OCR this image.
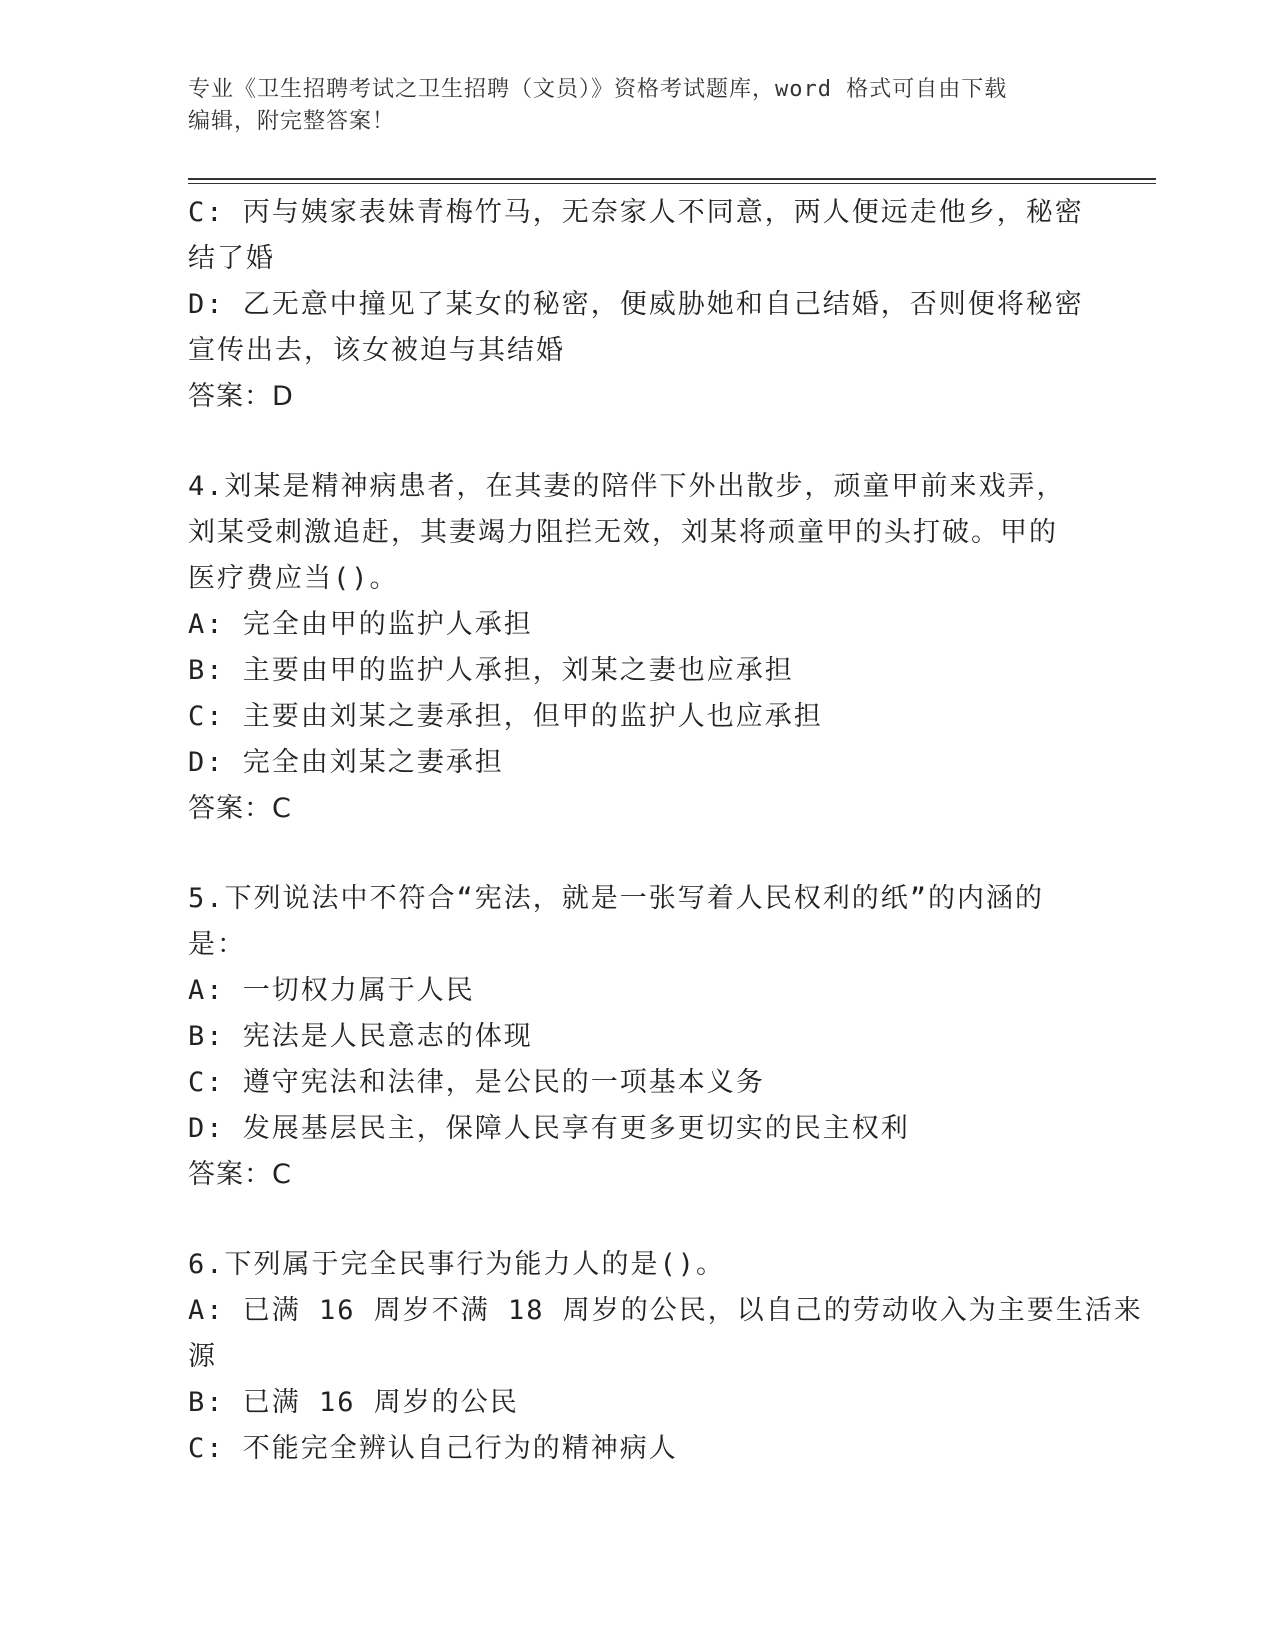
专业《卫生招聘考试之卫生招聘（文员）》资格考试题库，word 格式可自由下载
编辑，附完整答案！
C: 丙与姨家表妹青梅竹马，无奈家人不同意，两人便远走他乡，秘密
结了婚
D: 乙无意中撞见了某女的秘密，便威胁她和自己结婚，否则便将秘密
宣传出去，该女被迫与其结婚
答案：D
4.刘某是精神病患者，在其妻的陪伴下外出散步，顽童甲前来戏弄，
刘某受刺激追赶，其妻竭力阻拦无效，刘某将顽童甲的头打破。甲的
医疗费应当()。
A: 完全由甲的监护人承担
B: 主要由甲的监护人承担，刘某之妻也应承担
C: 主要由刘某之妻承担，但甲的监护人也应承担
D: 完全由刘某之妻承担
答案：C
5.下列说法中不符合“宪法，就是一张写着人民权利的纸”的内涵的
是：
A: 一切权力属于人民
B: 宪法是人民意志的体现
C: 遵守宪法和法律，是公民的一项基本义务
D: 发展基层民主，保障人民享有更多更切实的民主权利
答案：C
6.下列属于完全民事行为能力人的是()。
A: 已满 16 周岁不满 18 周岁的公民，以自己的劳动收入为主要生活来
源
B: 已满 16 周岁的公民
C: 不能完全辨认自己行为的精神病人
